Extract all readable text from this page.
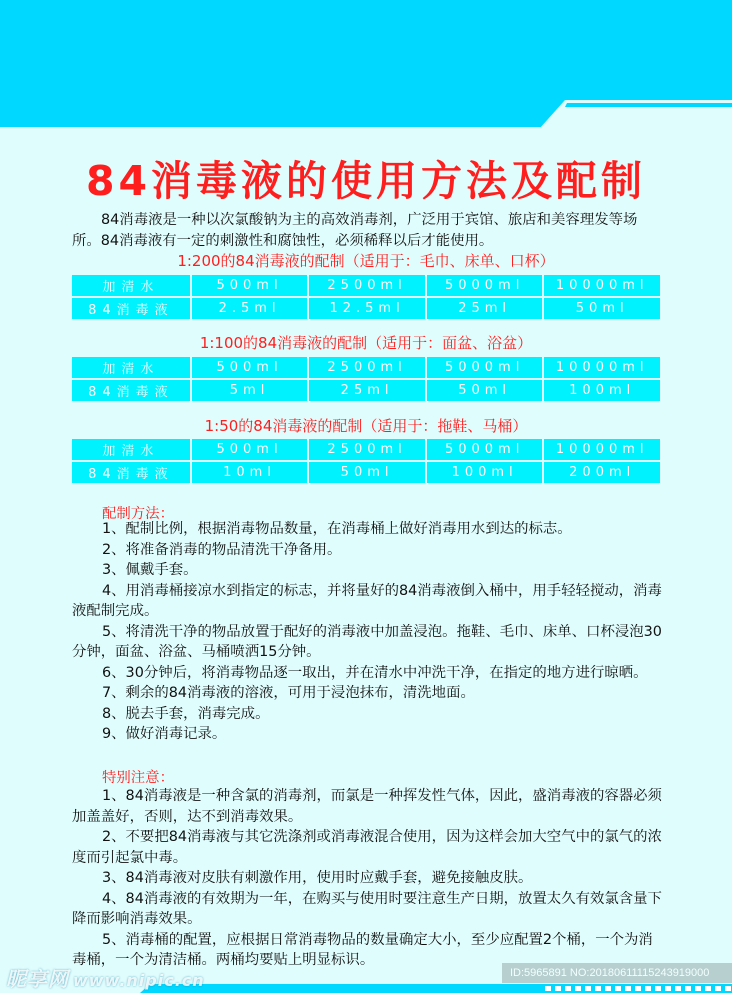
84消毒液的使用方法及配制

84消毒液是一种以次氯酸钠为主的高效消毒剂，广泛用于宾馆、旅店和美容理发等场所。84消毒液有一定的刺激性和腐蚀性，必须稀释以后才能使用。

1:200的84消毒液的配制（适用于：毛巾、床单、口杯）
加清水	500ml	2500ml	5000ml	10000ml
84消毒液	2.5ml	12.5ml	25ml	50ml
1:100的84消毒液的配制（适用于：面盆、浴盆）
加清水	500ml	2500ml	5000ml	10000ml
84消毒液	5ml	25ml	50ml	100ml
1:50的84消毒液的配制（适用于：拖鞋、马桶）
加清水	500ml	2500ml	5000ml	10000ml
84消毒液	10ml	50ml	100ml	200ml
配制方法：

1、配制比例，根据消毒物品数量，在消毒桶上做好消毒用水到达的标志。

2、将准备消毒的物品清洗干净备用。

3、佩戴手套。

4、用消毒桶接凉水到指定的标志，并将量好的84消毒液倒入桶中，用手轻轻搅动，消毒液配制完成。

5、将清洗干净的物品放置于配好的消毒液中加盖浸泡。拖鞋、毛巾、床单、口杯浸泡30分钟，面盆、浴盆、马桶喷洒15分钟。

6、30分钟后，将消毒物品逐一取出，并在清水中冲洗干净，在指定的地方进行晾晒。

7、剩余的84消毒液的溶液，可用于浸泡抹布，清洗地面。

8、脱去手套，消毒完成。

9、做好消毒记录。

特别注意：

1、84消毒液是一种含氯的消毒剂，而氯是一种挥发性气体，因此，盛消毒液的容器必须加盖盖好，否则，达不到消毒效果。

2、不要把84消毒液与其它洗涤剂或消毒液混合使用，因为这样会加大空气中的氯气的浓度而引起氯中毒。

3、84消毒液对皮肤有刺激作用，使用时应戴手套，避免接触皮肤。

4、84消毒液的有效期为一年，在购买与使用时要注意生产日期，放置太久有效氯含量下降而影响消毒效果。

5、消毒桶的配置，应根据日常消毒物品的数量确定大小，至少应配置2个桶，一个为消毒桶，一个为清洁桶。两桶均要贴上明显标识。

昵享网 www.nipic.cn	ID:5965891 NO:20180611115243919000
